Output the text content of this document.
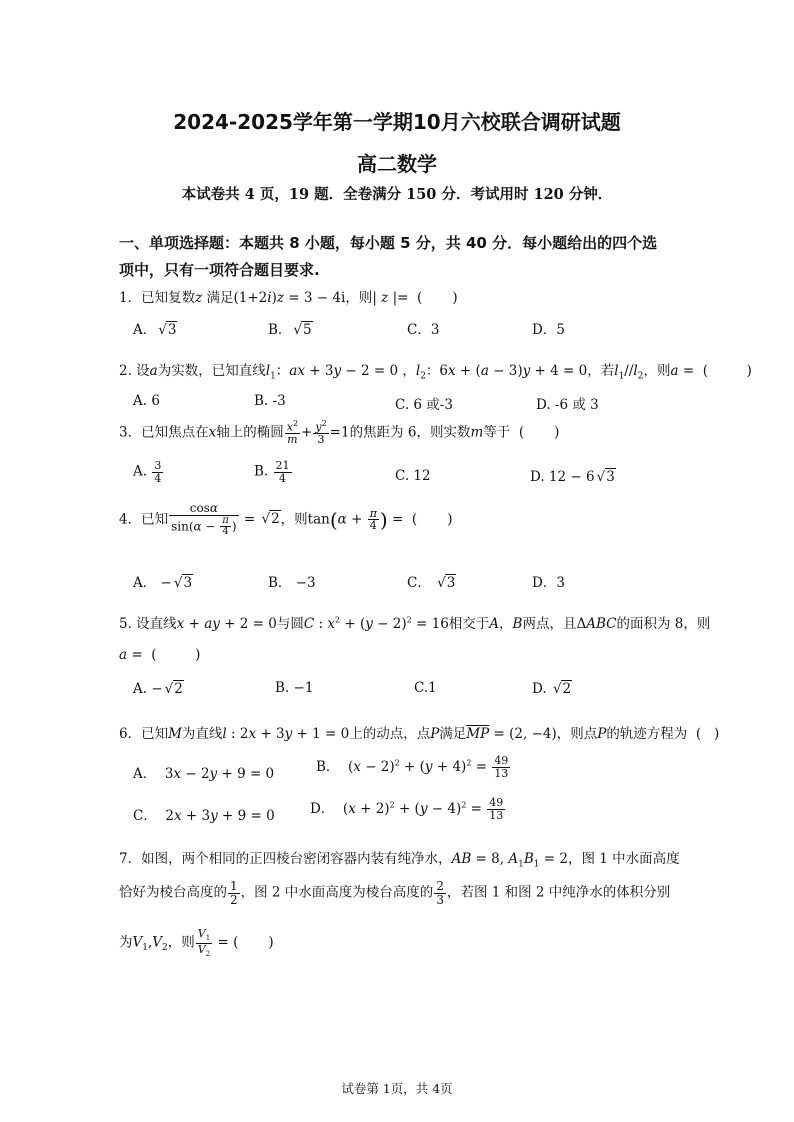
2024-2025学年第一学期10月六校联合调研试题
高二数学
本试卷共 4 页，19 题．全卷满分 150 分．考试用时 120 分钟．
一、单项选择题：本题共 8 小题，每小题 5 分，共 40 分．每小题给出的四个选
项中，只有一项符合题目要求.
1．已知复数z 满足(1+2i)z = 3 − 4i，则| z |=  (       )
A． √ 3	B． √ 5	C．3	D．5
2. 设a为实数，已知直线$l_1$：ax + 3y − 2 = 0 ，$l_2$：6x + (a − 3)y + 4 = 0，若$l_1//l_2$，则a =  (         )
A. 6	B. -3	C. 6 或-3	D. -6 或 3
3．已知焦点在x轴上的椭圆 $\frac{x^2}{m} + \frac{y^2}{3} =1$的焦距为 6，则实数m等于  (       )
A. $\frac{3}{4}$	B. $\frac{21}{4}$	C. 12	D. 12 − 6 √ 3
4．已知 $\frac{\cos\alpha}{\sin(\alpha - \frac{\pi}{4} )}$ = √ 2，则$\tan(\alpha + \frac{\pi}{4}$ ) =  (       )
A． − √ 3	B． −3	C． √ 3	D．3
5. 设直线x + ay + 2 = 0与圆C : $x^2 + (y - 2)^2 = 16$相交于A，B两点，且ΔABC的面积为 8，则
a =  (         )
A. − √ 2	B. −1	C.1	D. √ 2
6．已知M为直线l : 2x + 3y + 1 = 0上的动点，点P满足$\overline{MP} = (2$, −4)，则点P的轨迹方程为  (   )
A．  3x − 2y + 9 = 0	B．  $(x - 2)^2 + (y + 4)^2 = \frac{49}{13}$
C．  2x + 3y + 9 = 0	D．  $(x + 2)^2 + (y - 4)^2 = \frac{49}{13}$
7．如图，两个相同的正四棱台密闭容器内装有纯净水，AB = 8, $A_1B_1 = 2$，图 1 中水面高度
恰好为棱台高度的 $\frac{1}{2}$ ，图 2 中水面高度为棱台高度的 $\frac{2}{3}$ ，若图 1 和图 2 中纯净水的体积分别
为$V_1,V_2$，则 $\frac{V_1}{V_2}$ = (       )
试卷第 1页，共 4页
